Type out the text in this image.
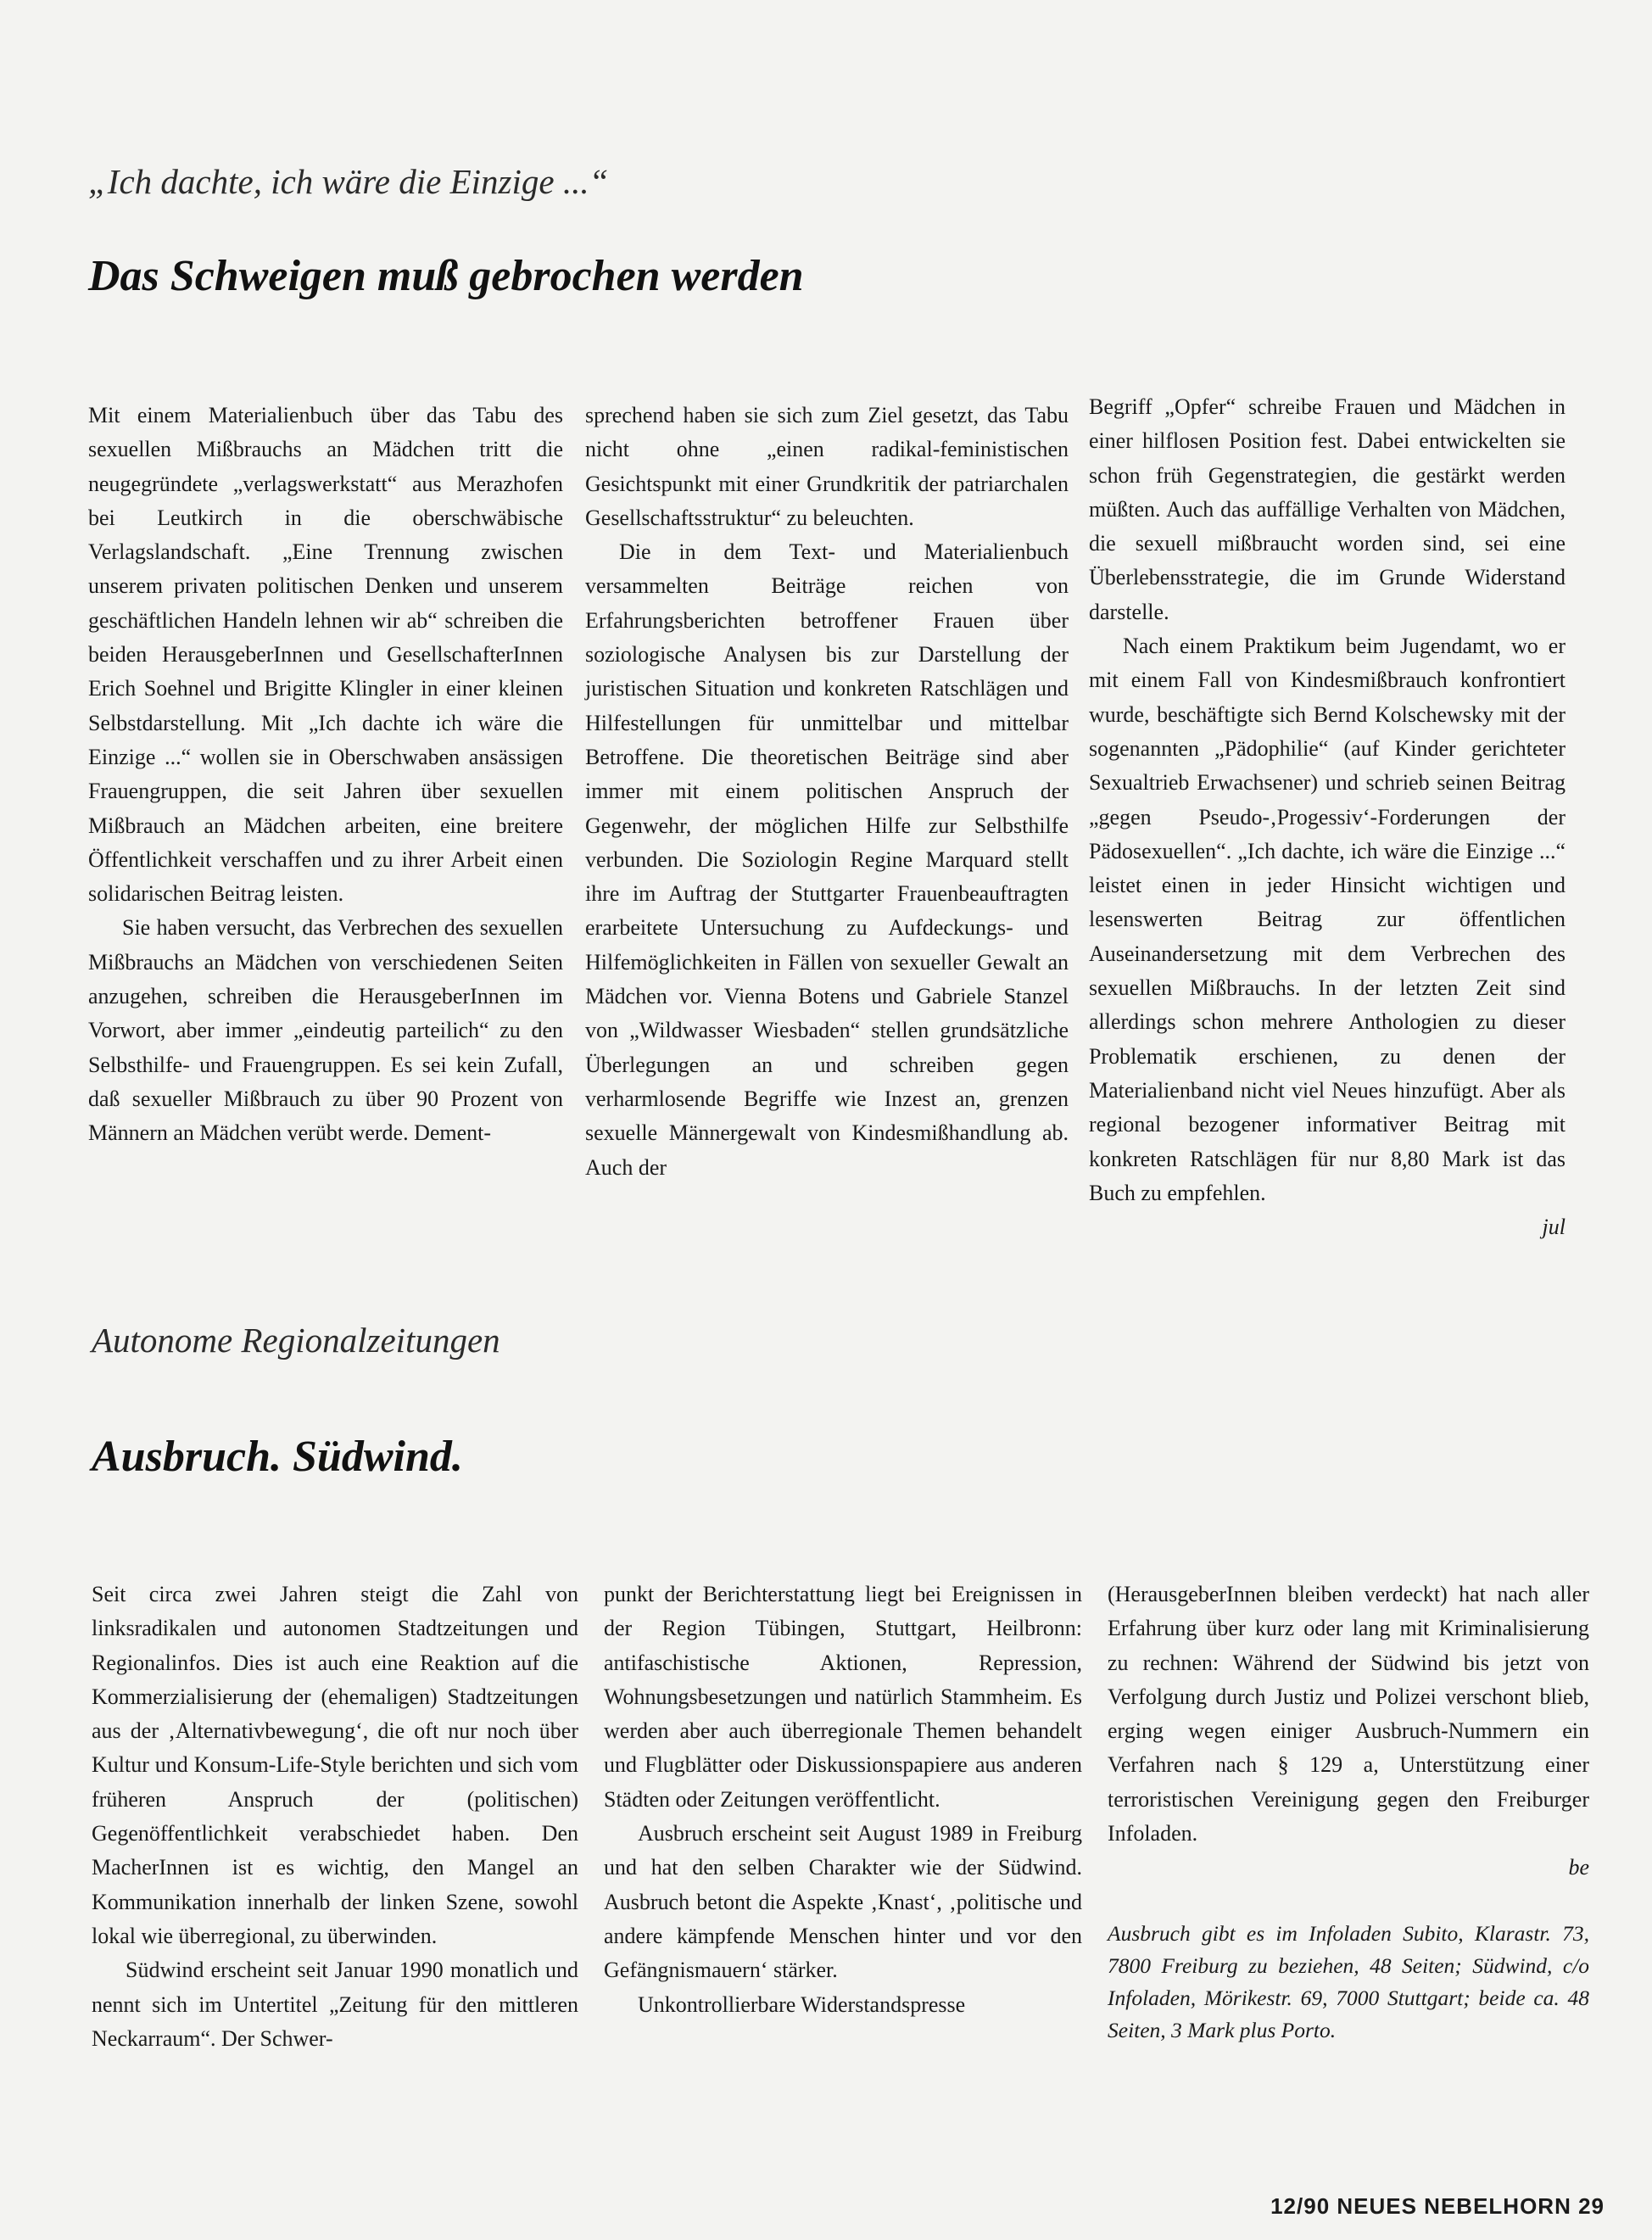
„Ich dachte, ich wäre die Einzige ...“
Das Schweigen muß gebrochen werden

Mit einem Materialienbuch über das Tabu des sexuellen Mißbrauchs an Mädchen tritt die neugegründete „verlagswerkstatt“ aus Merazhofen bei Leutkirch in die oberschwäbische Verlagslandschaft. „Eine Trennung zwischen unserem privaten politischen Denken und unserem geschäftlichen Handeln lehnen wir ab“ schreiben die beiden HerausgeberInnen und GesellschafterInnen Erich Soehnel und Brigitte Klingler in einer kleinen Selbstdarstellung. Mit „Ich dachte ich wäre die Einzige ...“ wollen sie in Oberschwaben ansässigen Frauengruppen, die seit Jahren über sexuellen Mißbrauch an Mädchen arbeiten, eine breitere Öffentlichkeit verschaffen und zu ihrer Arbeit einen solidarischen Beitrag leisten.

Sie haben versucht, das Verbrechen des sexuellen Mißbrauchs an Mädchen von verschiedenen Seiten anzugehen, schreiben die HerausgeberInnen im Vorwort, aber immer „eindeutig parteilich“ zu den Selbsthilfe- und Frauengruppen. Es sei kein Zufall, daß sexueller Mißbrauch zu über 90 Prozent von Männern an Mädchen verübt werde. Dement-

sprechend haben sie sich zum Ziel gesetzt, das Tabu nicht ohne „einen radikal-feministischen Gesichtspunkt mit einer Grundkritik der patriarchalen Gesellschaftsstruktur“ zu beleuchten.

Die in dem Text- und Materialienbuch versammelten Beiträge reichen von Erfahrungsberichten betroffener Frauen über soziologische Analysen bis zur Darstellung der juristischen Situation und konkreten Ratschlägen und Hilfestellungen für unmittelbar und mittelbar Betroffene. Die theoretischen Beiträge sind aber immer mit einem politischen Anspruch der Gegenwehr, der möglichen Hilfe zur Selbsthilfe verbunden. Die Soziologin Regine Marquard stellt ihre im Auftrag der Stuttgarter Frauenbeauftragten erarbeitete Untersuchung zu Aufdeckungs- und Hilfemöglichkeiten in Fällen von sexueller Gewalt an Mädchen vor. Vienna Botens und Gabriele Stanzel von „Wildwasser Wiesbaden“ stellen grundsätzliche Überlegungen an und schreiben gegen verharmlosende Begriffe wie Inzest an, grenzen sexuelle Männergewalt von Kindesmißhandlung ab. Auch der

Begriff „Opfer“ schreibe Frauen und Mädchen in einer hilflosen Position fest. Dabei entwickelten sie schon früh Gegenstrategien, die gestärkt werden müßten. Auch das auffällige Verhalten von Mädchen, die sexuell mißbraucht worden sind, sei eine Überlebensstrategie, die im Grunde Widerstand darstelle.

Nach einem Praktikum beim Jugendamt, wo er mit einem Fall von Kindesmißbrauch konfrontiert wurde, beschäftigte sich Bernd Kolschewsky mit der sogenannten „Pädophilie“ (auf Kinder gerichteter Sexualtrieb Erwachsener) und schrieb seinen Beitrag „gegen Pseudo-‚Progessiv‘-Forderungen der Pädosexuellen“. „Ich dachte, ich wäre die Einzige ...“ leistet einen in jeder Hinsicht wichtigen und lesenswerten Beitrag zur öffentlichen Auseinandersetzung mit dem Verbrechen des sexuellen Mißbrauchs. In der letzten Zeit sind allerdings schon mehrere Anthologien zu dieser Problematik erschienen, zu denen der Materialienband nicht viel Neues hinzufügt. Aber als regional bezogener informativer Beitrag mit konkreten Ratschlägen für nur 8,80 Mark ist das Buch zu empfehlen.

jul
Autonome Regionalzeitungen
Ausbruch. Südwind.

Seit circa zwei Jahren steigt die Zahl von linksradikalen und autonomen Stadtzeitungen und Regionalinfos. Dies ist auch eine Reaktion auf die Kommerzialisierung der (ehemaligen) Stadtzeitungen aus der ‚Alternativbewegung‘, die oft nur noch über Kultur und Konsum-Life-Style berichten und sich vom früheren Anspruch der (politischen) Gegenöffentlichkeit verabschiedet haben. Den MacherInnen ist es wichtig, den Mangel an Kommunikation innerhalb der linken Szene, sowohl lokal wie überregional, zu überwinden.

Südwind erscheint seit Januar 1990 monatlich und nennt sich im Untertitel „Zeitung für den mittleren Neckarraum“. Der Schwer-

punkt der Berichterstattung liegt bei Ereignissen in der Region Tübingen, Stuttgart, Heilbronn: antifaschistische Aktionen, Repression, Wohnungsbesetzungen und natürlich Stammheim. Es werden aber auch überregionale Themen behandelt und Flugblätter oder Diskussionspapiere aus anderen Städten oder Zeitungen veröffentlicht.

Ausbruch erscheint seit August 1989 in Freiburg und hat den selben Charakter wie der Südwind. Ausbruch betont die Aspekte ‚Knast‘, ‚politische und andere kämpfende Menschen hinter und vor den Gefängnismauern‘ stärker.

Unkontrollierbare Widerstandspresse

(HerausgeberInnen bleiben verdeckt) hat nach aller Erfahrung über kurz oder lang mit Kriminalisierung zu rechnen: Während der Südwind bis jetzt von Verfolgung durch Justiz und Polizei verschont blieb, erging wegen einiger Ausbruch-Nummern ein Verfahren nach § 129 a, Unterstützung einer terroristischen Vereinigung gegen den Freiburger Infoladen.

be
Ausbruch gibt es im Infoladen Subito, Klarastr. 73, 7800 Freiburg zu beziehen, 48 Seiten; Südwind, c/o Infoladen, Mörikestr. 69, 7000 Stuttgart; beide ca. 48 Seiten, 3 Mark plus Porto.
12/90 NEUES NEBELHORN 29
